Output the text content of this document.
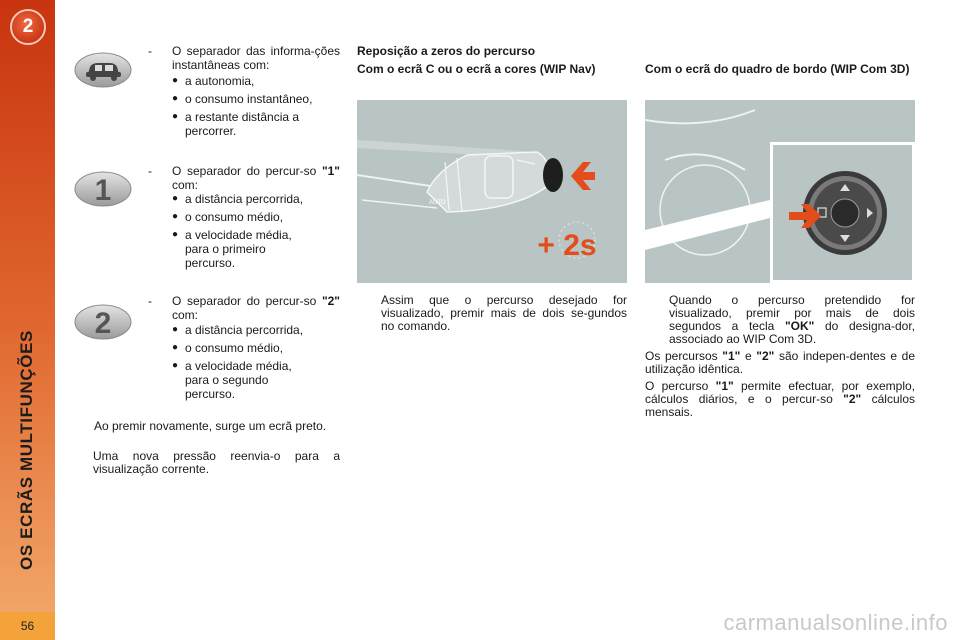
2
OS ECRÃS MULTIFUNÇÕES
56
- O separador das informa-ções instantâneas com:
● a autonomia,
● o consumo instantâneo,
● a restante distância a percorrer.
1
- O separador do percur-so "1" com:
● a distância percorrida,
● o consumo médio,
● a velocidade média, para o primeiro percurso.
2
- O separador do percur-so "2" com:
● a distância percorrida,
● o consumo médio,
● a velocidade média, para o segundo percurso.
Ao premir novamente, surge um ecrã preto.
Uma nova pressão reenvia-o para a visualização corrente.
Reposição a zeros do percurso
Com o ecrã C ou o ecrã a cores (WIP Nav)
AUTO
+ 2s
Assim que o percurso desejado for visualizado, premir mais de dois se-gundos no comando.
Com o ecrã do quadro de bordo (WIP Com 3D)
Quando o percurso pretendido for visualizado, premir por mais de dois segundos a tecla "OK" do designa-dor, associado ao WIP Com 3D.
Os percursos "1" e "2" são indepen-dentes e de utilização idêntica.
O percurso "1" permite efectuar, por exemplo, cálculos diários, e o percur-so "2" cálculos mensais.
carmanualsonline.info
